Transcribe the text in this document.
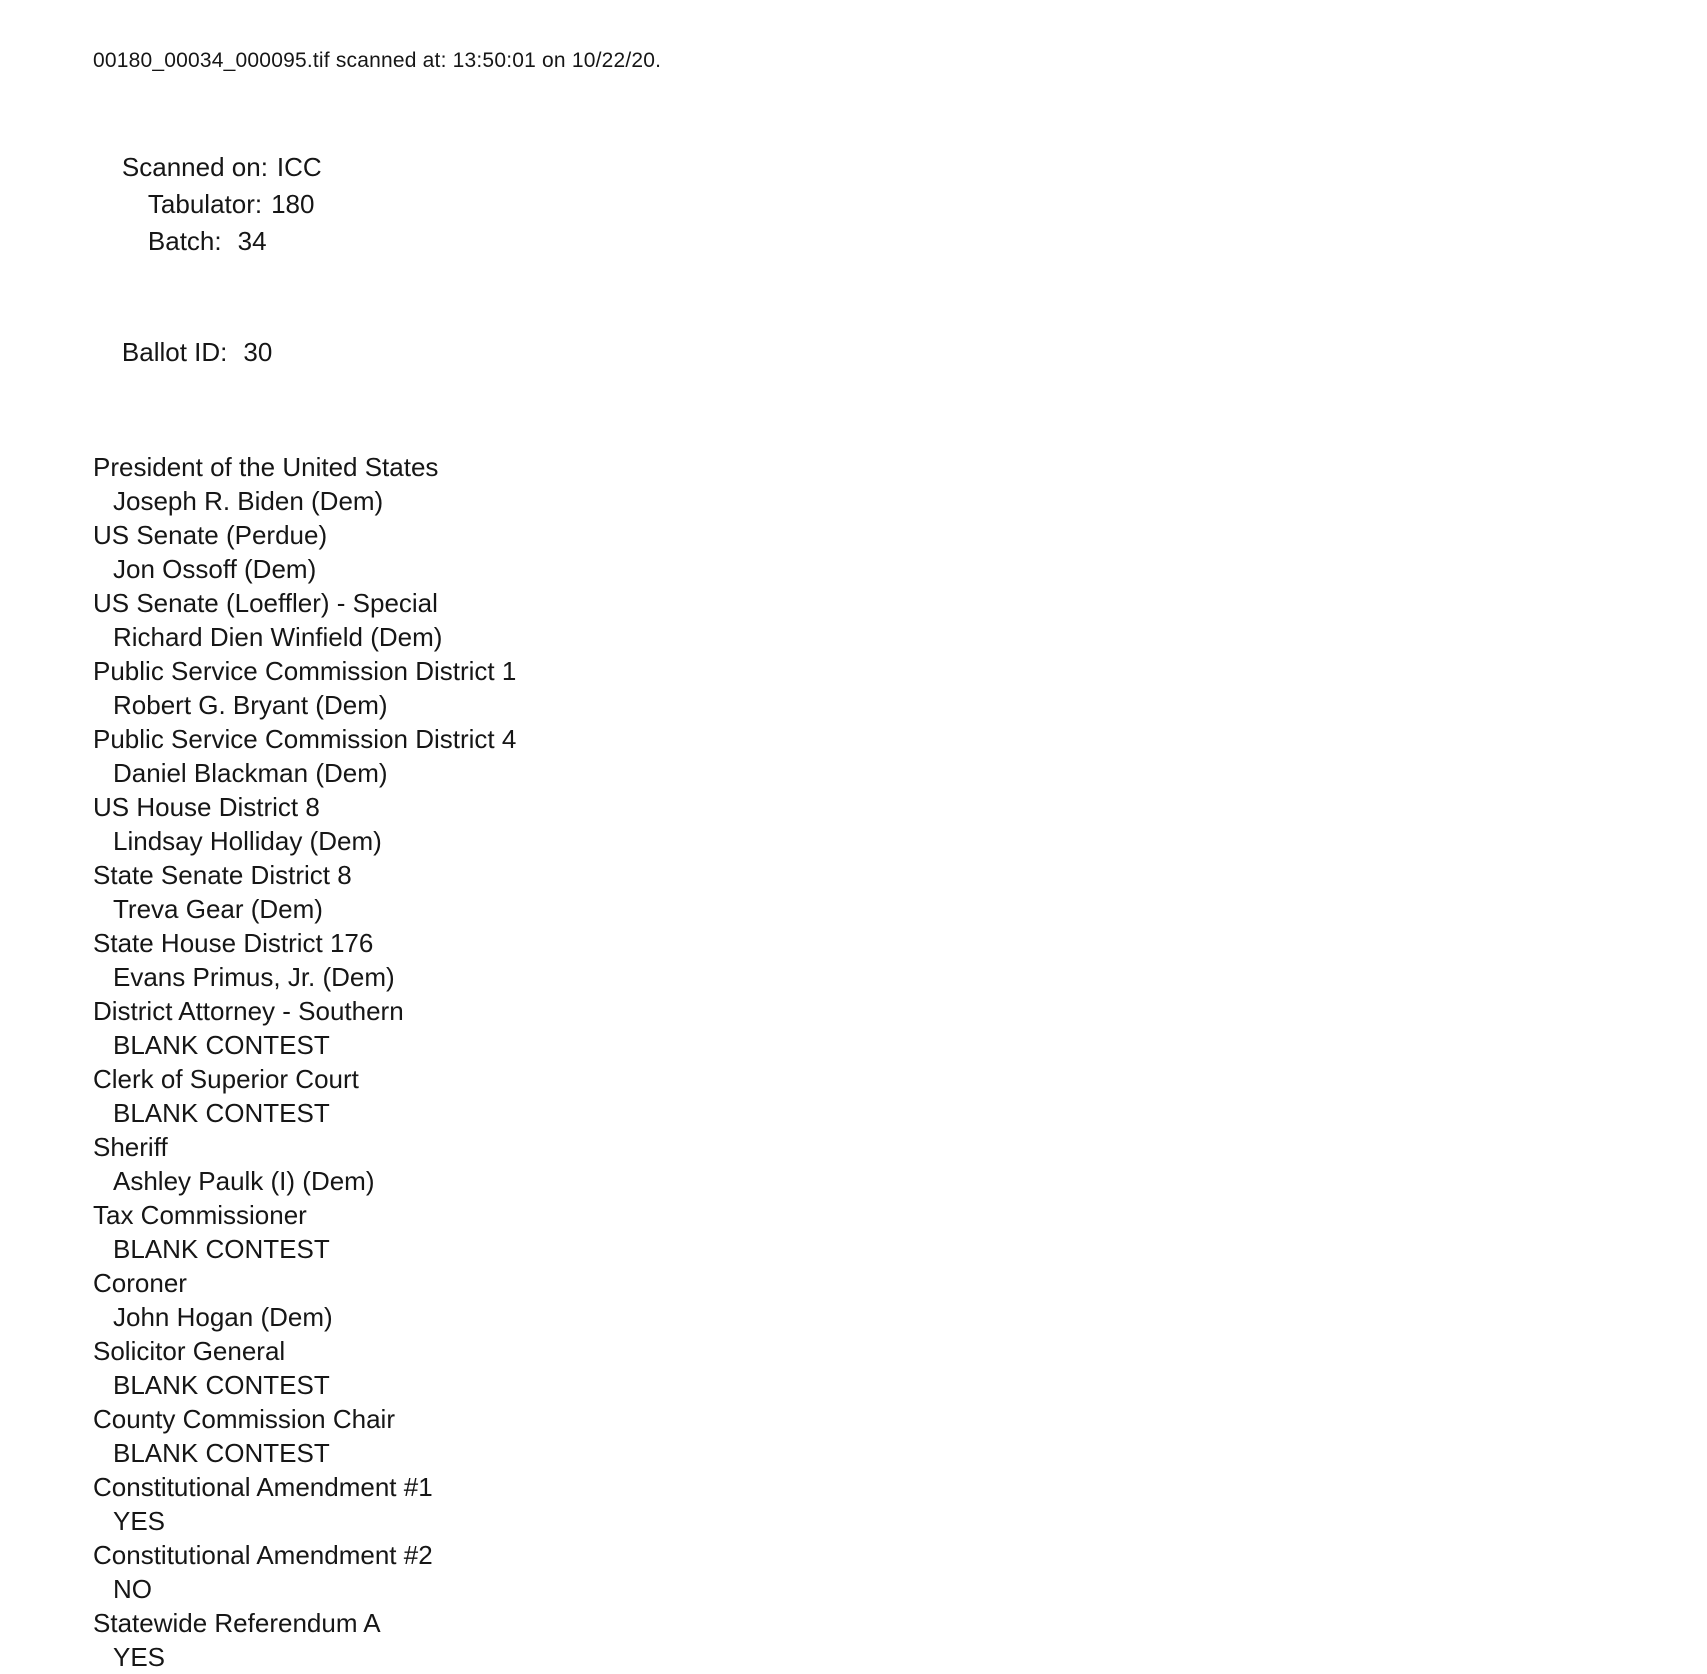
00180_00034_000095.tif scanned at: 13:50:01 on 10/22/20.

Scanned on: ICC
Tabulator: 180
Batch: 34

Ballot ID: 30

President of the United States
Joseph R. Biden (Dem)
US Senate (Perdue)
Jon Ossoff (Dem)
US Senate (Loeffler) - Special
Richard Dien Winfield (Dem)
Public Service Commission District 1
Robert G. Bryant (Dem)
Public Service Commission District 4
Daniel Blackman (Dem)
US House District 8
Lindsay Holliday (Dem)
State Senate District 8
Treva Gear (Dem)
State House District 176
Evans Primus, Jr. (Dem)
District Attorney - Southern
BLANK CONTEST
Clerk of Superior Court
BLANK CONTEST
Sheriff
Ashley Paulk (I) (Dem)
Tax Commissioner
BLANK CONTEST
Coroner
John Hogan (Dem)
Solicitor General
BLANK CONTEST
County Commission Chair
BLANK CONTEST
Constitutional Amendment #1
YES
Constitutional Amendment #2
NO
Statewide Referendum A
YES
